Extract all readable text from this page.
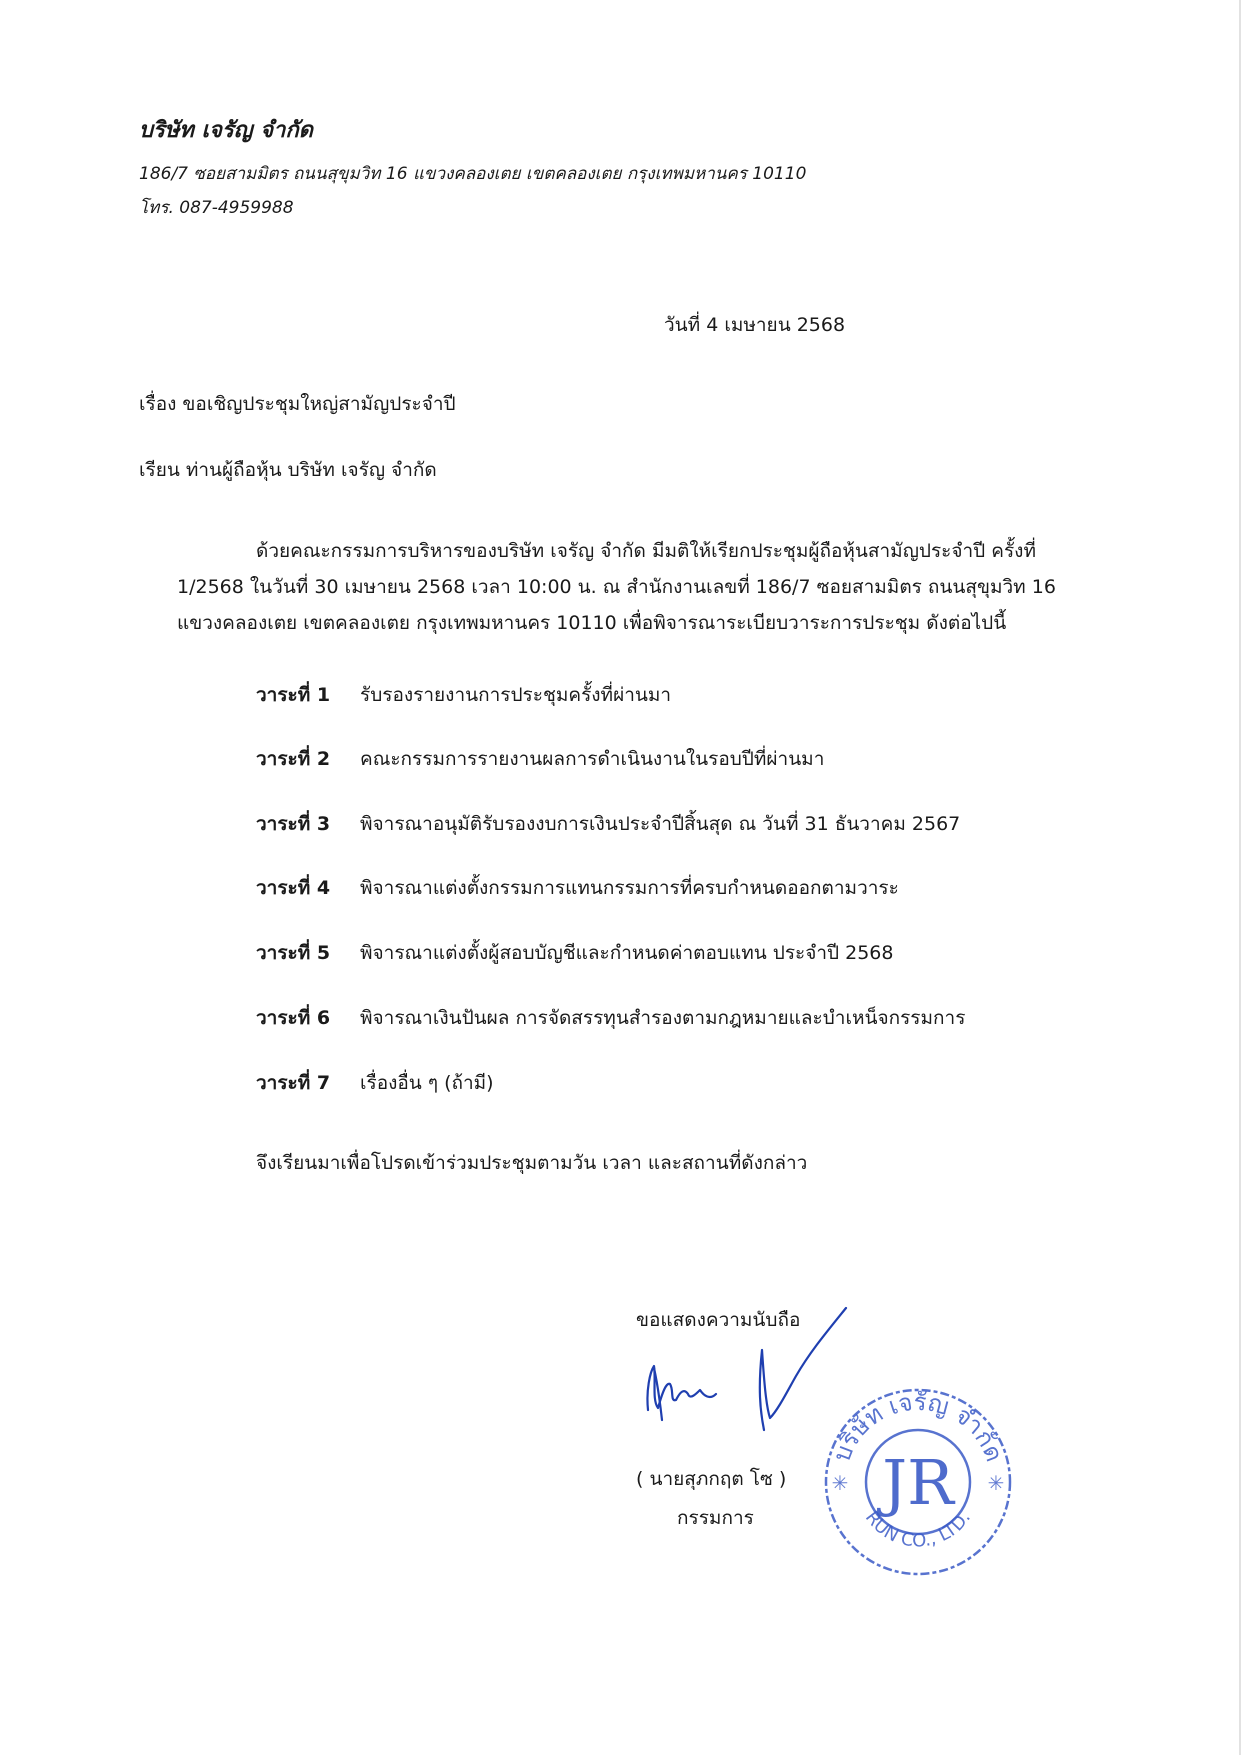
บริษัท เจรัญ จำกัด
186/7 ซอยสามมิตร ถนนสุขุมวิท 16 แขวงคลองเตย เขตคลองเตย กรุงเทพมหานคร 10110
โทร. 087-4959988
วันที่ 4 เมษายน 2568
เรื่อง ขอเชิญประชุมใหญ่สามัญประจำปี
เรียน ท่านผู้ถือหุ้น บริษัท เจรัญ จำกัด
ด้วยคณะกรรมการบริหารของบริษัท เจรัญ จำกัด มีมติให้เรียกประชุมผู้ถือหุ้นสามัญประจำปี ครั้งที่
1/2568 ในวันที่ 30 เมษายน 2568 เวลา 10:00 น. ณ สำนักงานเลขที่ 186/7 ซอยสามมิตร ถนนสุขุมวิท 16
แขวงคลองเตย เขตคลองเตย กรุงเทพมหานคร 10110 เพื่อพิจารณาระเบียบวาระการประชุม ดังต่อไปนี้
วาระที่ 1 รับรองรายงานการประชุมครั้งที่ผ่านมา
วาระที่ 2 คณะกรรมการรายงานผลการดำเนินงานในรอบปีที่ผ่านมา
วาระที่ 3 พิจารณาอนุมัติรับรองงบการเงินประจำปีสิ้นสุด ณ วันที่ 31 ธันวาคม 2567
วาระที่ 4 พิจารณาแต่งตั้งกรรมการแทนกรรมการที่ครบกำหนดออกตามวาระ
วาระที่ 5 พิจารณาแต่งตั้งผู้สอบบัญชีและกำหนดค่าตอบแทน ประจำปี 2568
วาระที่ 6 พิจารณาเงินปันผล การจัดสรรทุนสำรองตามกฎหมายและบำเหน็จกรรมการ
วาระที่ 7 เรื่องอื่น ๆ (ถ้ามี)
จึงเรียนมาเพื่อโปรดเข้าร่วมประชุมตามวัน เวลา และสถานที่ดังกล่าว
ขอแสดงความนับถือ
( นายสุภกฤต โซ )
กรรมการ
บริษัท เจรัญ จำกัด
RUN CO., LTD.
JR
✳	✳
